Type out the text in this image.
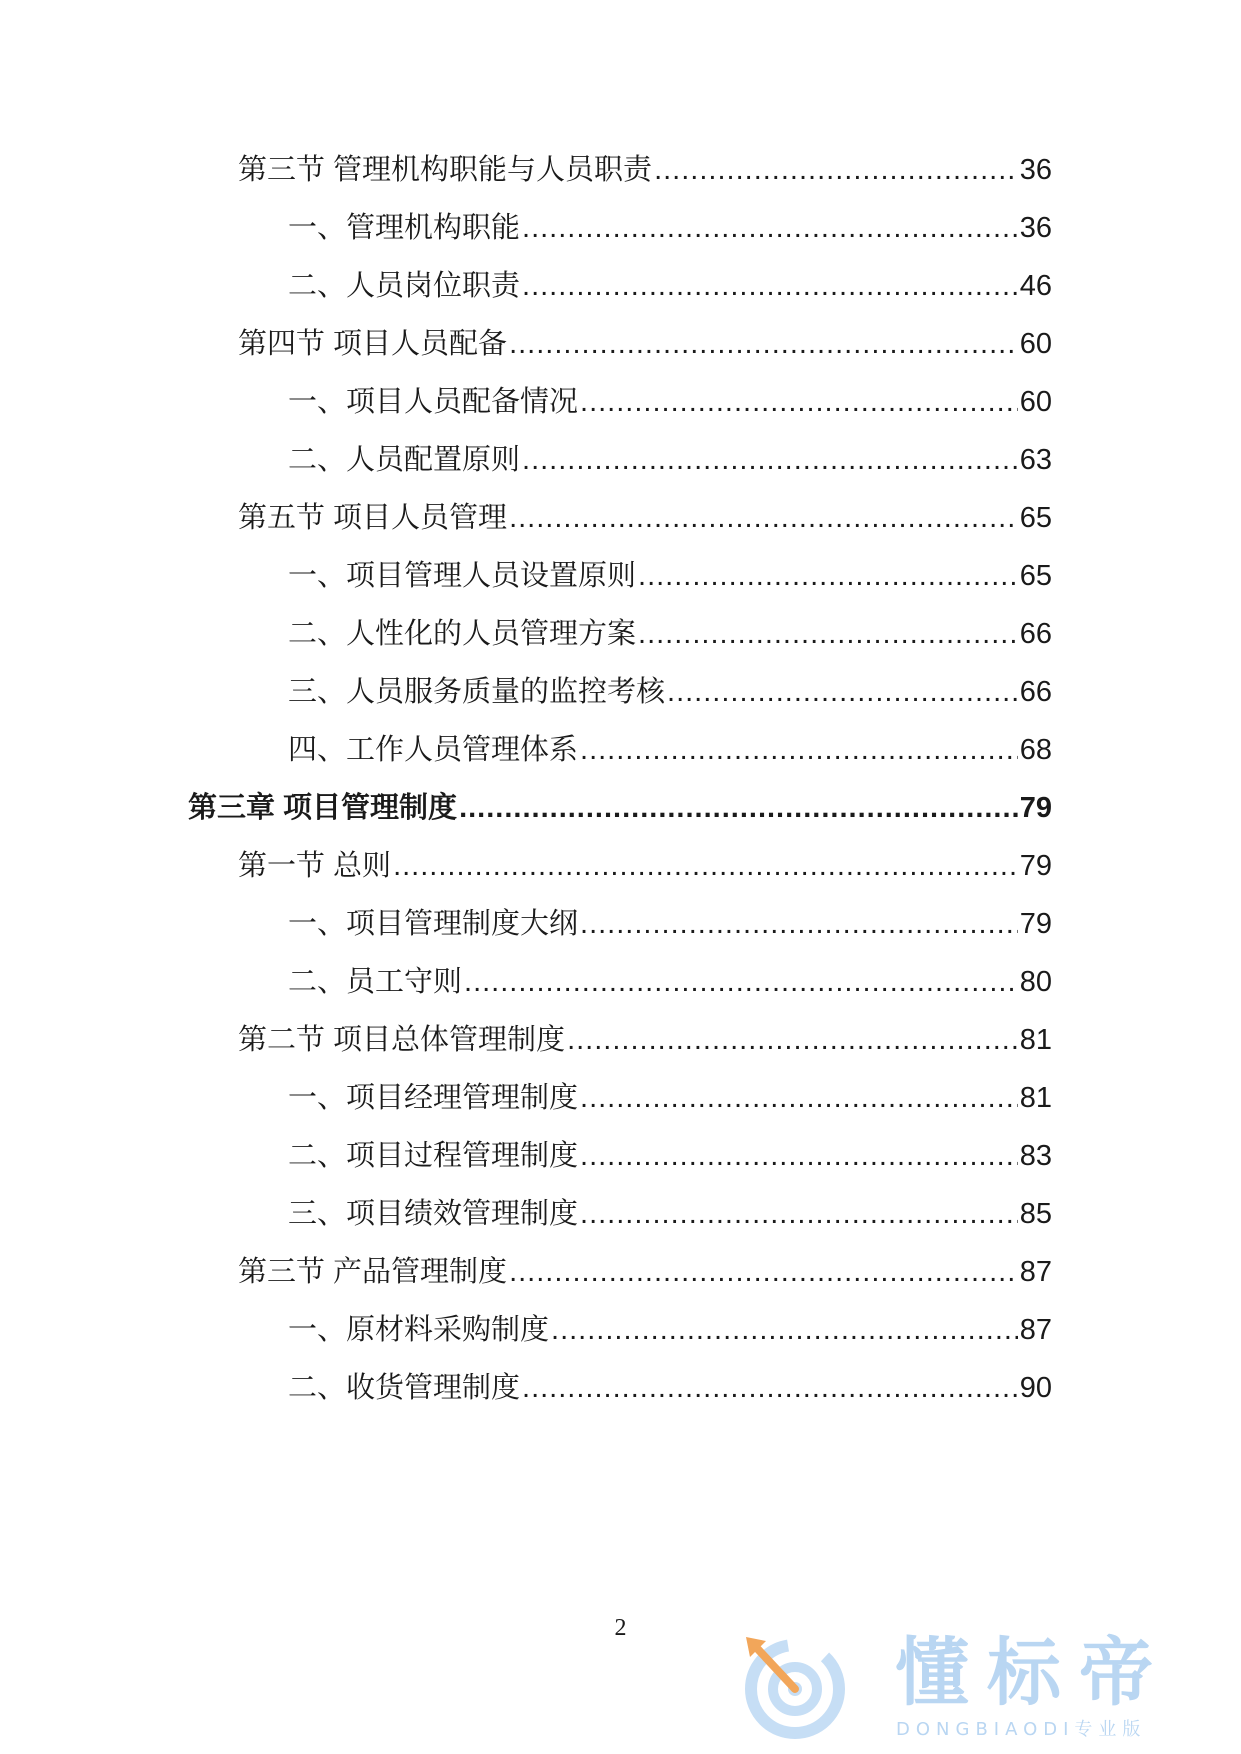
第三节 管理机构职能与人员职责 .....	36
一、管理机构职能 .....	36
二、人员岗位职责 .....	46
第四节 项目人员配备 .....	60
一、项目人员配备情况 .....	60
二、人员配置原则 .....	63
第五节 项目人员管理 .....	65
一、项目管理人员设置原则 .....	65
二、人性化的人员管理方案 .....	66
三、人员服务质量的监控考核 .....	66
四、工作人员管理体系 .....	68
第三章 项目管理制度 .....	79
第一节 总则 .....	79
一、项目管理制度大纲 .....	79
二、员工守则 .....	80
第二节 项目总体管理制度 .....	81
一、项目经理管理制度 .....	81
二、项目过程管理制度 .....	83
三、项目绩效管理制度 .....	85
第三节 产品管理制度 .....	87
一、原材料采购制度 .....	87
二、收货管理制度 .....	90
2
懂标帝
DONGBIAODI专业版
